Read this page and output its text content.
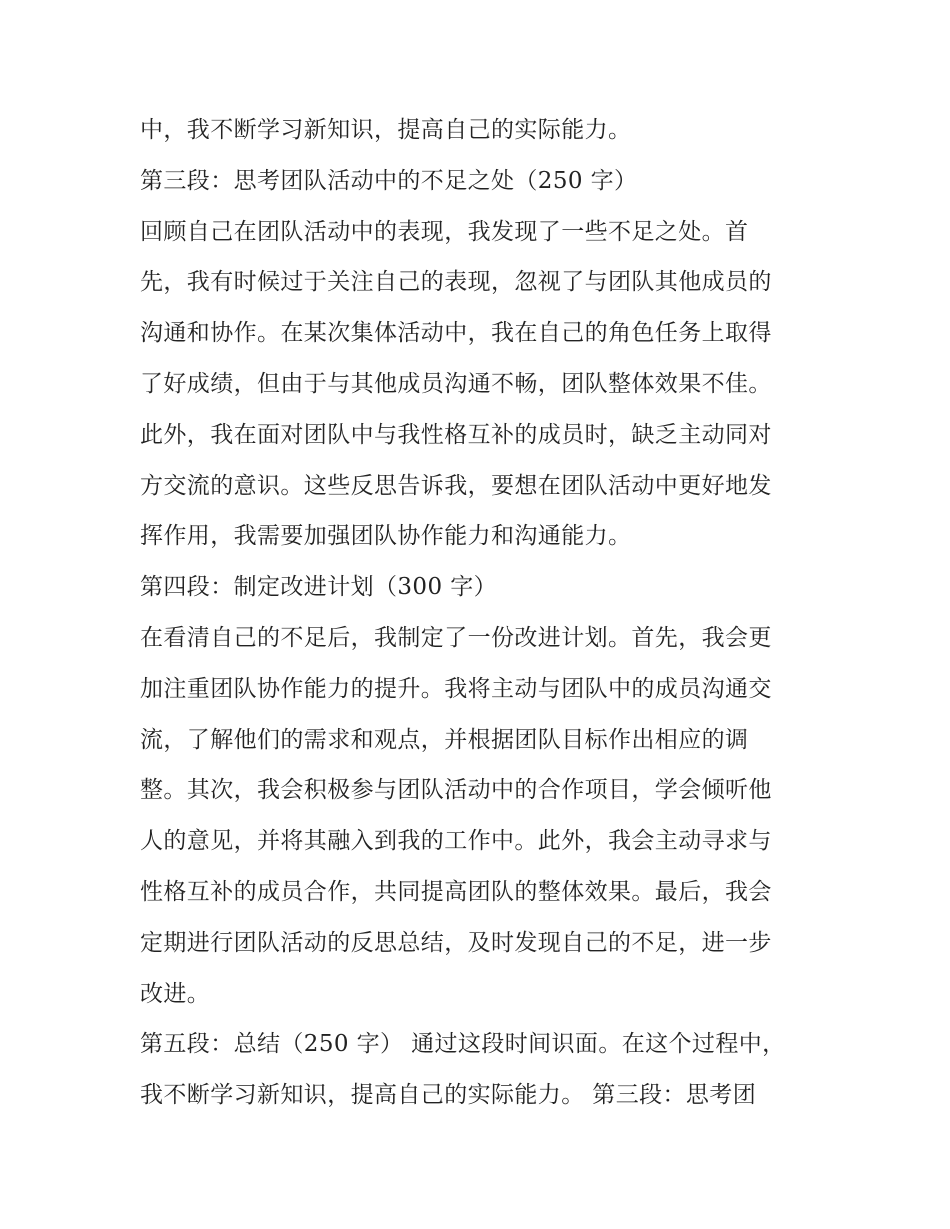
中，我不断学习新知识，提高自己的实际能力。
第三段：思考团队活动中的不足之处（250 字）
回顾自己在团队活动中的表现，我发现了一些不足之处。首
先，我有时候过于关注自己的表现，忽视了与团队其他成员的
沟通和协作。在某次集体活动中，我在自己的角色任务上取得
了好成绩，但由于与其他成员沟通不畅，团队整体效果不佳。
此外，我在面对团队中与我性格互补的成员时，缺乏主动同对
方交流的意识。这些反思告诉我，要想在团队活动中更好地发
挥作用，我需要加强团队协作能力和沟通能力。
第四段：制定改进计划（300 字）
在看清自己的不足后，我制定了一份改进计划。首先，我会更
加注重团队协作能力的提升。我将主动与团队中的成员沟通交
流，了解他们的需求和观点，并根据团队目标作出相应的调
整。其次，我会积极参与团队活动中的合作项目，学会倾听他
人的意见，并将其融入到我的工作中。此外，我会主动寻求与
性格互补的成员合作，共同提高团队的整体效果。最后，我会
定期进行团队活动的反思总结，及时发现自己的不足，进一步
改进。
第五段：总结（250 字） 通过这段时间识面。在这个过程中，
我不断学习新知识，提高自己的实际能力。 第三段：思考团
